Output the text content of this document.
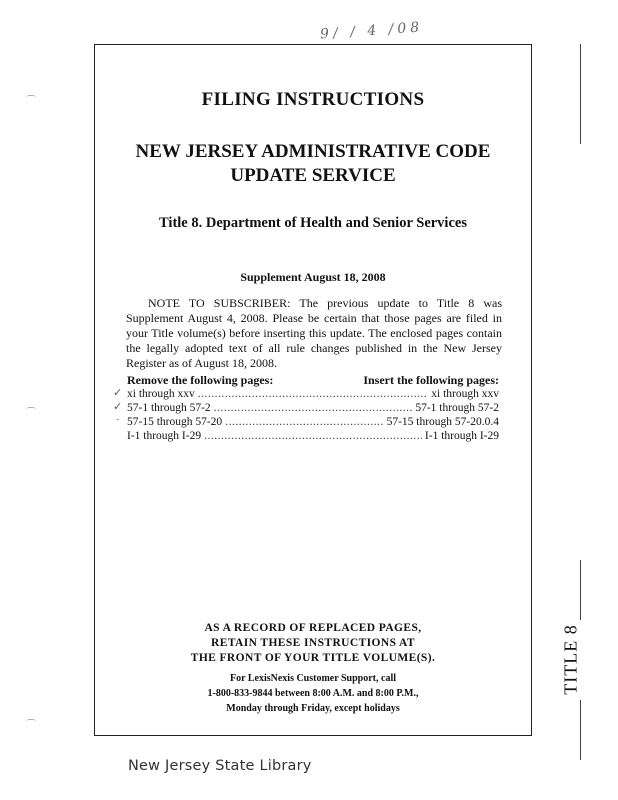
9/ / 4 /08
FILING INSTRUCTIONS
NEW JERSEY ADMINISTRATIVE CODE
UPDATE SERVICE
Title 8. Department of Health and Senior Services
Supplement August 18, 2008

NOTE TO SUBSCRIBER: The previous update to Title 8 was Supplement August 4, 2008. Please be certain that those pages are filed in your Title volume(s) before inserting this update. The enclosed pages contain the legally adopted text of all rule changes published in the New Jersey Register as of August 18, 2008.

Remove the following pages:	Insert the following pages:
xi through xxv .....	xi through xxv
57-1 through 57-2 .....	57-1 through 57-2
57-15 through 57-20 .....	57-15 through 57-20.0.4
I-1 through I-29 .....	I-1 through I-29
AS A RECORD OF REPLACED PAGES,
RETAIN THESE INSTRUCTIONS AT
THE FRONT OF YOUR TITLE VOLUME(S).
For LexisNexis Customer Support, call
1-800-833-9844 between 8:00 A.M. and 8:00 P.M.,
Monday through Friday, except holidays
✓
✓
·
⌒
⌒
⌒
TITLE 8
New Jersey State Library
